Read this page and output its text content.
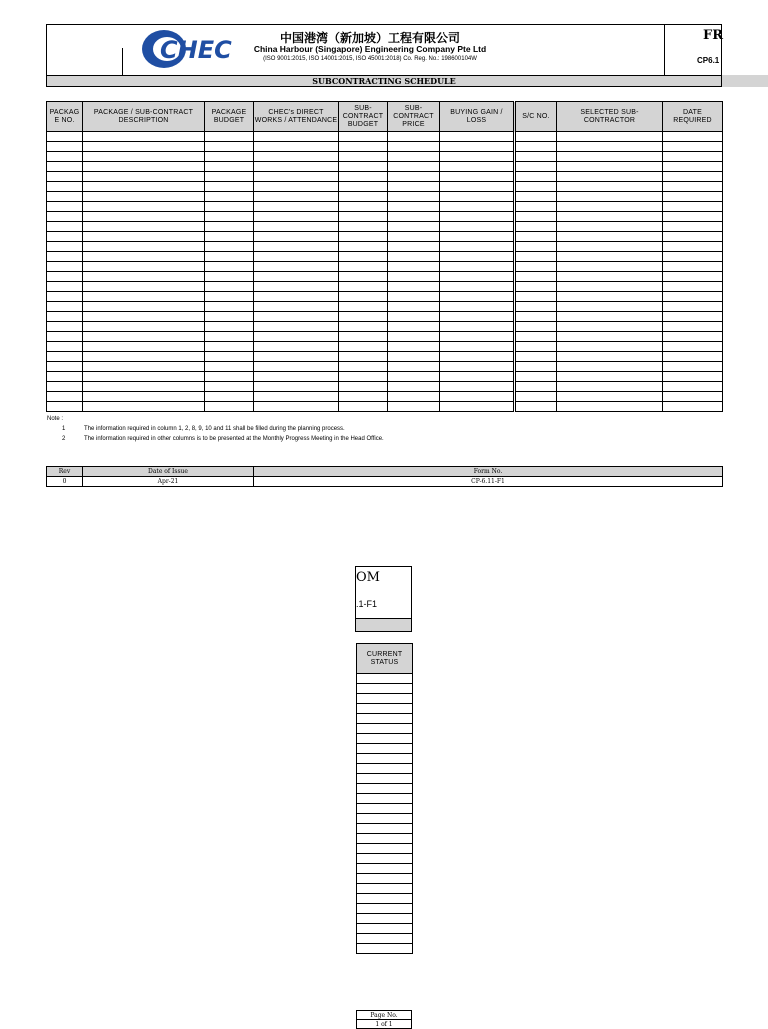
CHEC	中国港湾（新加坡）工程有限公司
China Harbour (Singapore) Engineering Company Pte Ltd
(ISO 9001:2015, ISO 14001:2015, ISO 45001:2018) Co. Reg. No.: 198600104W
FR
CP6.1
SUBCONTRACTING SCHEDULE
PACKAG E NO.	PACKAGE / SUB-CONTRACT DESCRIPTION	PACKAGE BUDGET	CHEC's DIRECT WORKS / ATTENDANCE	SUB-CONTRACT BUDGET	SUB-CONTRACT PRICE	BUYING GAIN / LOSS	S/C NO.	SELECTED SUB-CONTRACTOR	DATE REQUIRED

Note :
1	The information required in column 1, 2, 8, 9, 10 and 11 shall be filled during the planning process.
2	The information required in other columns is to be presented at the Monthly Progress Meeting in the Head Office.
Rev	Date of Issue	Form No.
0	Apr-21	CP-6.11-F1
OM
.1-F1
CURRENT STATUS

Page No.
1 of 1
